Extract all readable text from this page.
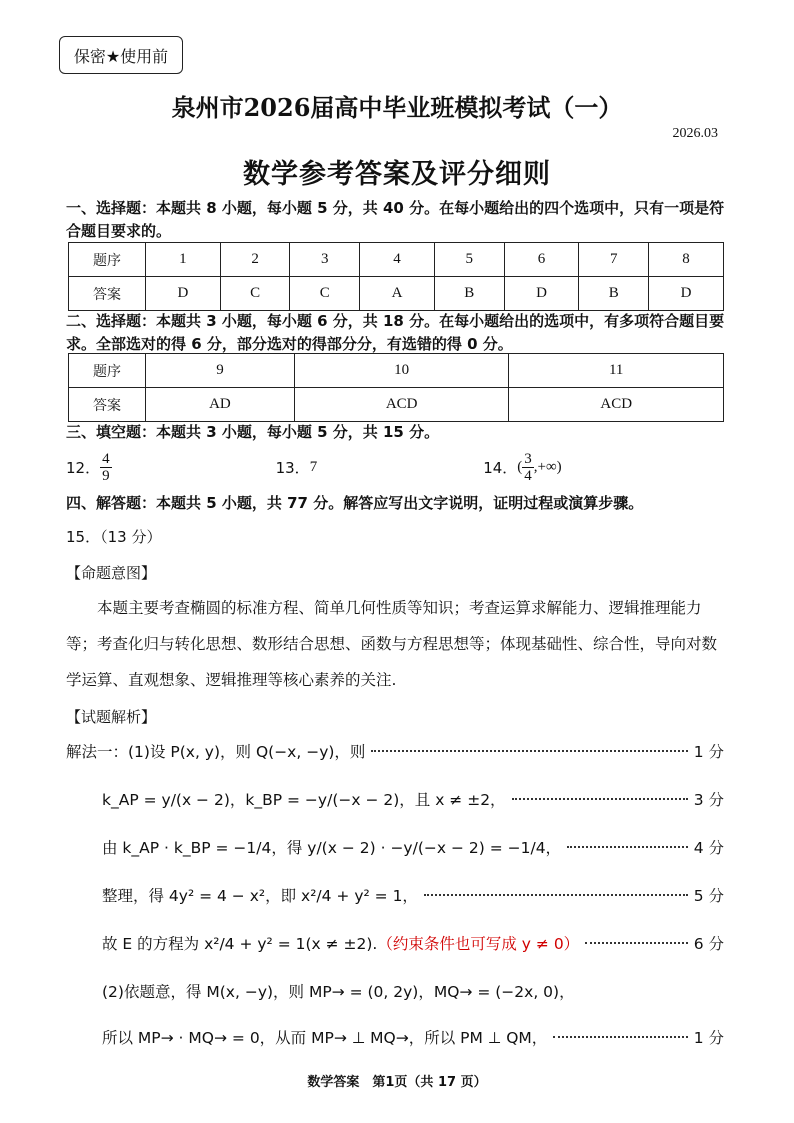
保密★使用前
泉州市2026届高中毕业班模拟考试（一）
2026.03
数学参考答案及评分细则
一、选择题：本题共 8 小题，每小题 5 分，共 40 分。在每小题给出的四个选项中，只有一项是符合题目要求的。
题序	1	2	3	4	5	6	7	8
答案	D	C	C	A	B	D	B	D
二、选择题：本题共 3 小题，每小题 6 分，共 18 分。在每小题给出的选项中，有多项符合题目要求。全部选对的得 6 分，部分选对的得部分分，有选错的得 0 分。
题序	9	10	11
答案	AD	ACD	ACD
三、填空题：本题共 3 小题，每小题 5 分，共 15 分。
12． $\frac{4}{9}$	13． 7	14． ( $\frac{3}{4}$ ,+∞)
四、解答题：本题共 5 小题，共 77 分。解答应写出文字说明，证明过程或演算步骤。
15．（13 分）
【命题意图】
本题主要考查椭圆的标准方程、简单几何性质等知识；考查运算求解能力、逻辑推理能力等；考查化归与转化思想、数形结合思想、函数与方程思想等；体现基础性、综合性，导向对数学运算、直观想象、逻辑推理等核心素养的关注.
【试题解析】
解法一：(1)设 P(x, y)，则 Q(−x, −y)，则	1 分
k_AP = y/(x − 2)，k_BP = −y/(−x − 2)，且 x ≠ ±2，	3 分
由 k_AP · k_BP = −1/4，得 y/(x − 2) · −y/(−x − 2) = −1/4，	4 分
整理，得 4y² = 4 − x²，即 x²/4 + y² = 1，	5 分
故 E 的方程为 x²/4 + y² = 1(x ≠ ±2). （约束条件也可写成 y ≠ 0）	6 分
(2)依题意，得 M(x, −y)，则 MP→ = (0, 2y)，MQ→ = (−2x, 0)，
所以 MP→ · MQ→ = 0，从而 MP→ ⊥ MQ→，所以 PM ⊥ QM，	1 分
数学答案　第1页（共 17 页）
